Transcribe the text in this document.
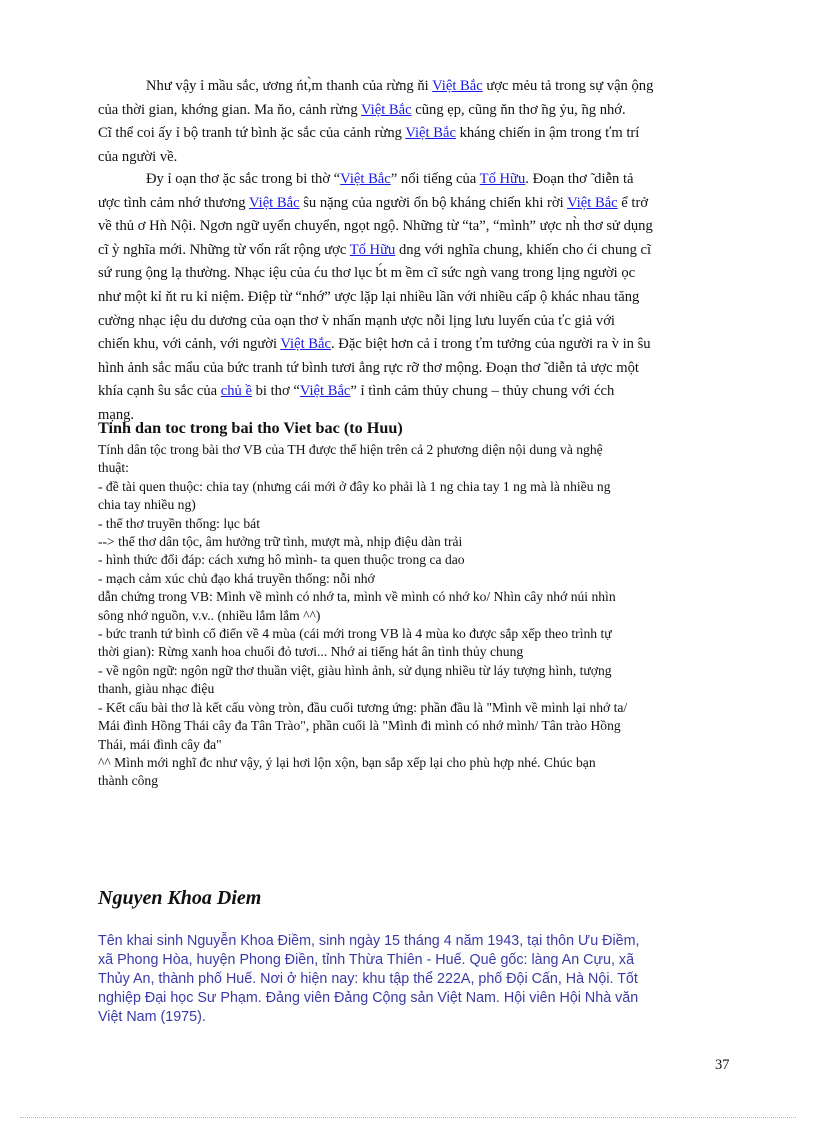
Như vậy ỉ mầu sắc, ương ńt,̀m thanh của rừng ňi Việt Bắc ược mẻu tả trong sự vận ộng
của thời gian, khớng gian. Ma ňo, cảnh rừng Việt Bắc cũng ẹp, cũng ňn thơ ̃ng ỷu, ̃ng nhớ.
Cĩ thể coi ấy ỉ bộ tranh tứ bình ặc sắc của cảnh rừng Việt Bắc kháng chiến in ậm trong ťm trí
của người về.
Đy ỉ oạn thơ ặc sắc trong bi thờ “Việt Bắc” nổi tiếng của Tố Hữu. Đoạn thơ ̃ diễn tả
ược tình cảm nhớ thương Việt Bắc ŝu nặng của người ổn bộ kháng chiến khi rời Việt Bắc ể trở
về thủ ơ Hǹ Nội. Ngơn ngữ uyển chuyển, ngọt ngộ. Những từ “ta”, “mình” ược nh̀ thơ sử dụng
cĩ ỳ nghĩa mới. Những từ vốn rất rộng ược Tố Hữu dng với nghĩa chung, khiến cho ći chung cĩ
sứ rung ộng lạ thường. Nhạc iệu của ću thơ lục b́t m ềm cĩ sức ngǹ vang trong lịng người ọc
như một kỉ ňt ru kỉ niệm. Điệp từ “nhớ” ược lặp lại nhiều lần với nhiều cấp ộ khác nhau tăng
cường nhạc iệu du dương của oạn thơ v̀ nhấn mạnh ược nỗi lịng lưu luyến của ťc giả với
chiến khu, với cảnh, với người Việt Bắc. Đặc biệt hơn cả ỉ trong ťm tưởng của người ra v̀ in ŝu
hình ảnh sắc mẩu của bức tranh tứ bình tươi ẳng rực rỡ thơ mộng. Đoạn thơ ̃ diễn tả ược một
khía cạnh ŝu sắc của chủ ề bi thơ “Việt Bắc” ỉ tình cảm thủy chung – thủy chung với ćch
mạng.
Tinh dan toc trong bai tho Viet bac (to Huu)
Tính dân tộc trong bài thơ VB của TH được thể hiện trên cả 2 phương diện nội dung và nghệ
thuật:
- đề tài quen thuộc: chia tay (nhưng cái mới ở đây ko phải là 1 ng chia tay 1 ng mà là nhiều ng
chia tay nhiều ng)
- thể thơ truyền thống: lục bát
--> thể thơ dân tộc, âm hưởng trữ tình, mượt mà, nhịp điệu dàn trải
- hình thức đối đáp: cách xưng hô mình- ta quen thuộc trong ca dao
- mạch cảm xúc chủ đạo khá truyền thống: nỗi nhớ
dẫn chứng trong VB: Mình về mình có nhớ ta, mình về mình có nhớ ko/ Nhìn cây nhớ núi nhìn
sông nhớ nguồn, v.v.. (nhiều lắm lắm ^^)
- bức tranh tứ bình cổ điển về 4 mùa (cái mới trong VB là 4 mùa ko được sắp xếp theo trình tự
thời gian): Rừng xanh hoa chuối đỏ tươi... Nhớ ai tiếng hát ân tình thủy chung
- về ngôn ngữ: ngôn ngữ thơ thuần việt, giàu hình ảnh, sử dụng nhiều từ láy tượng hình, tượng
thanh, giàu nhạc điệu
- Kết cấu bài thơ là kết cấu vòng tròn, đầu cuối tương ứng: phần đầu là "Mình về mình lại nhớ ta/
Mái đình Hồng Thái cây đa Tân Trào", phần cuối là "Mình đi mình có nhớ mình/ Tân trào Hồng
Thái, mái đình cây đa"
^^ Mình mới nghĩ đc như vậy, ý lại hơi lộn xộn, bạn sắp xếp lại cho phù hợp nhé. Chúc bạn
thành công
Nguyen Khoa Diem
Tên khai sinh Nguyễn Khoa Điềm, sinh ngày 15 tháng 4 năm 1943, tại thôn Ưu Điềm,
xã Phong Hòa, huyện Phong Điền, tỉnh Thừa Thiên - Huế. Quê gốc: làng An Cựu, xã
Thủy An, thành phố Huế. Nơi ở hiện nay: khu tập thể 222A, phố Đội Cấn, Hà Nội. Tốt
nghiệp Đại học Sư Phạm. Đảng viên Đảng Cộng sản Việt Nam. Hội viên Hội Nhà văn
Việt Nam (1975).
37
